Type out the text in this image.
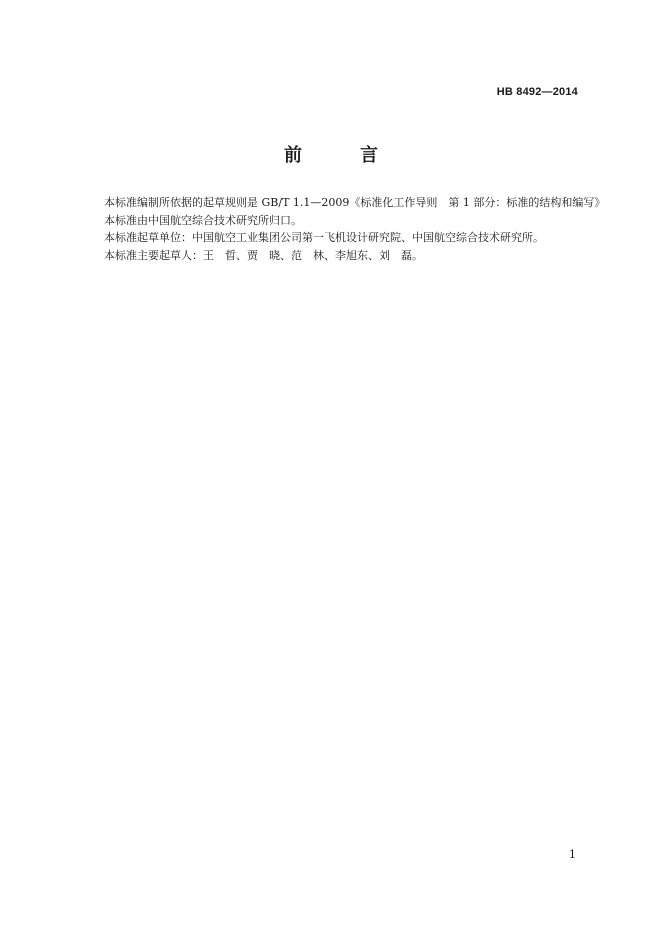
HB 8492—2014
前　言

本标准编制所依据的起草规则是 GB/T 1.1—2009《标准化工作导则　第 1 部分：标准的结构和编写》

本标准由中国航空综合技术研究所归口。

本标准起草单位：中国航空工业集团公司第一飞机设计研究院、中国航空综合技术研究所。

本标准主要起草人：王　晢、贾　晓、范　林、李旭东、刘　磊。

1
